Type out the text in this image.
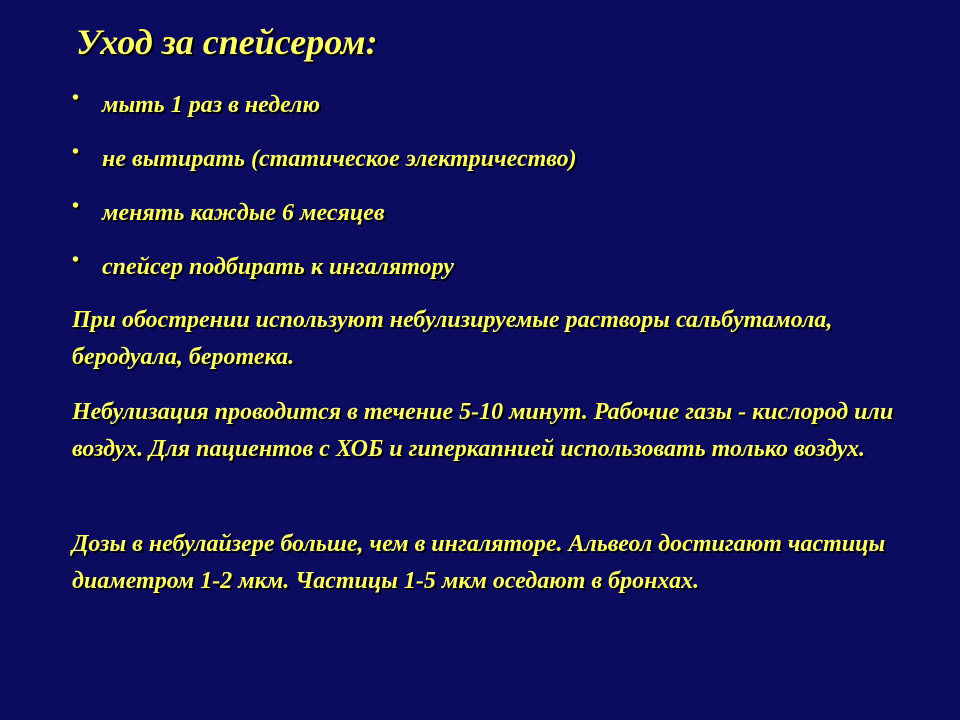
Уход за спейсером:
• мыть 1 раз в неделю
• не вытирать (статическое электричество)
• менять каждые 6 месяцев
• спейсер подбирать к ингалятору

При обострении используют небулизируемые растворы сальбутамола, беродуала, беротека.

Небулизация проводится в течение 5-10 минут. Рабочие газы - кислород или воздух. Для пациентов с ХОБ и гиперкапнией использовать только воздух.

Дозы в небулайзере больше, чем в ингаляторе. Альвеол достигают частицы диаметром 1-2 мкм. Частицы 1-5 мкм оседают в бронхах.
